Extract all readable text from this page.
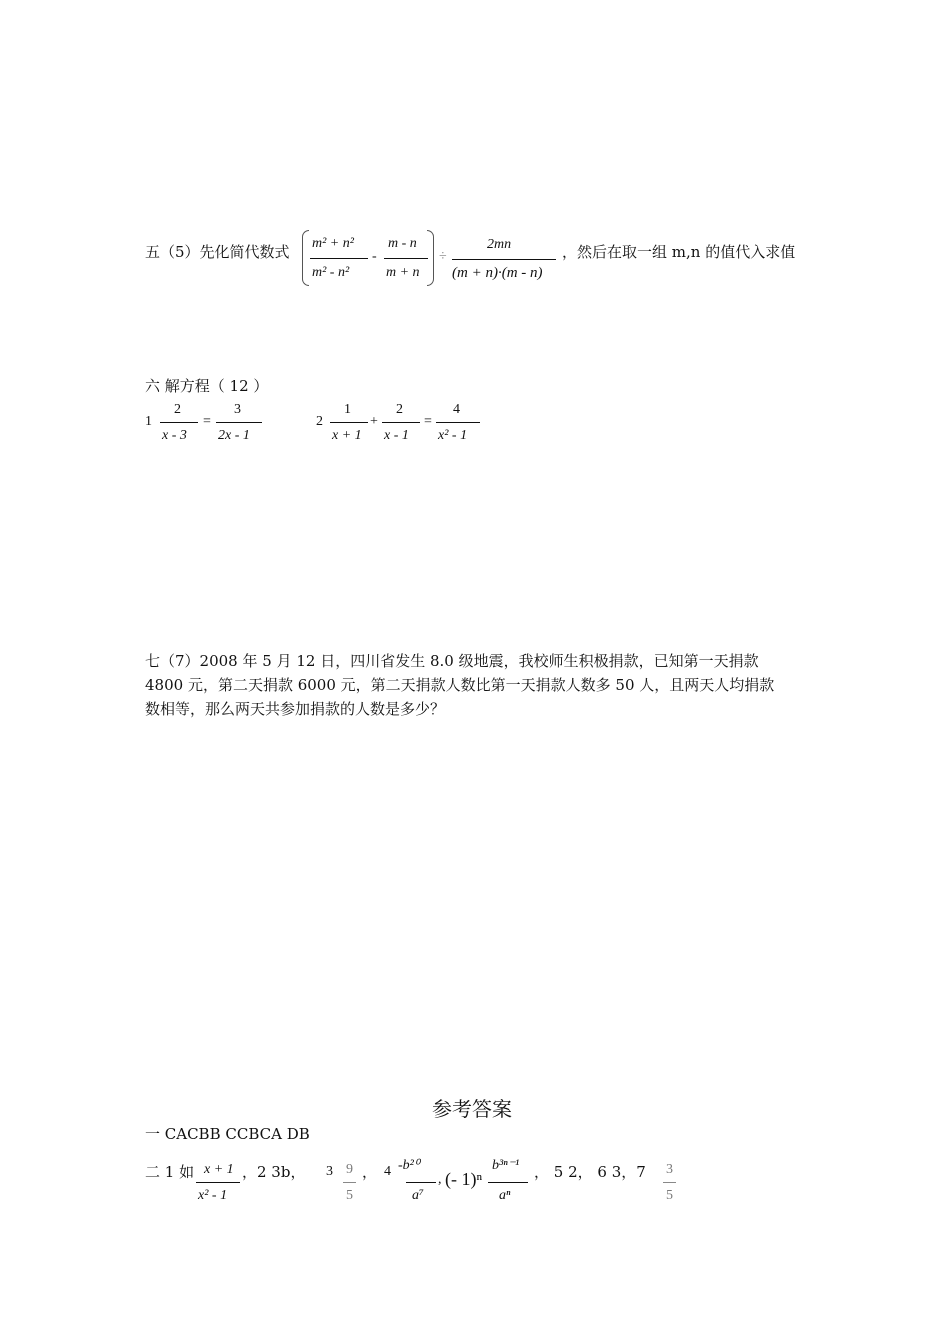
五（5）先化简代数式 m² + n²
m² - n²
-
m - n
m + n
÷
2mn
(m + n)·(m - n)
，然后在取一组 m,n 的值代入求值
六 解方程（ 12 ）
1
2
x - 3
=
3
2x - 1
2
1
x + 1
+
2
x - 1
=
4
x² - 1
七（7）2008 年 5 月 12 日，四川省发生 8.0 级地震，我校师生积极捐款，已知第一天捐款
4800 元，第二天捐款 6000 元，第二天捐款人数比第一天捐款人数多 50 人，且两天人均捐款
数相等，那么两天共参加捐款的人数是多少？
参考答案
一 CACBB CCBCA DB
二 1 如 x + 1
x² - 1
，2 3b， 3 9
5
， 4 -b²⁰
a⁷
, (- 1)ⁿ
b³ⁿ⁻¹
aⁿ
， 5 2， 6 3，7 3
5
